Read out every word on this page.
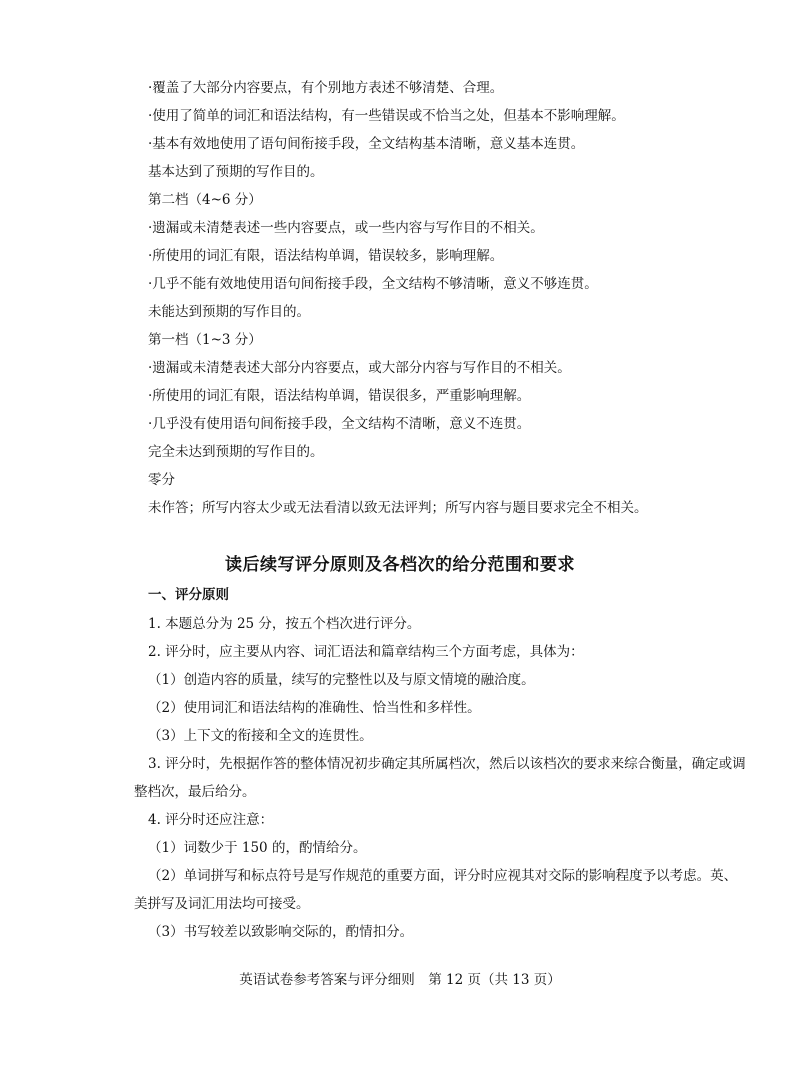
·覆盖了大部分内容要点，有个别地方表述不够清楚、合理。
·使用了简单的词汇和语法结构，有一些错误或不恰当之处，但基本不影响理解。
·基本有效地使用了语句间衔接手段，全文结构基本清晰，意义基本连贯。
基本达到了预期的写作目的。
第二档（4~6 分）
·遗漏或未清楚表述一些内容要点，或一些内容与写作目的不相关。
·所使用的词汇有限，语法结构单调，错误较多，影响理解。
·几乎不能有效地使用语句间衔接手段，全文结构不够清晰，意义不够连贯。
未能达到预期的写作目的。
第一档（1~3 分）
·遗漏或未清楚表述大部分内容要点，或大部分内容与写作目的不相关。
·所使用的词汇有限，语法结构单调，错误很多，严重影响理解。
·几乎没有使用语句间衔接手段，全文结构不清晰，意义不连贯。
完全未达到预期的写作目的。
零分
未作答；所写内容太少或无法看清以致无法评判；所写内容与题目要求完全不相关。
读后续写评分原则及各档次的给分范围和要求
一、评分原则
1. 本题总分为 25 分，按五个档次进行评分。
2. 评分时，应主要从内容、词汇语法和篇章结构三个方面考虑，具体为：
（1）创造内容的质量，续写的完整性以及与原文情境的融洽度。
（2）使用词汇和语法结构的准确性、恰当性和多样性。
（3）上下文的衔接和全文的连贯性。
3. 评分时，先根据作答的整体情况初步确定其所属档次，然后以该档次的要求来综合衡量，确定或调
整档次，最后给分。
4. 评分时还应注意：
（1）词数少于 150 的，酌情给分。
（2）单词拼写和标点符号是写作规范的重要方面，评分时应视其对交际的影响程度予以考虑。英、
美拼写及词汇用法均可接受。
（3）书写较差以致影响交际的，酌情扣分。
英语试卷参考答案与评分细则　第 12 页（共 13 页）
